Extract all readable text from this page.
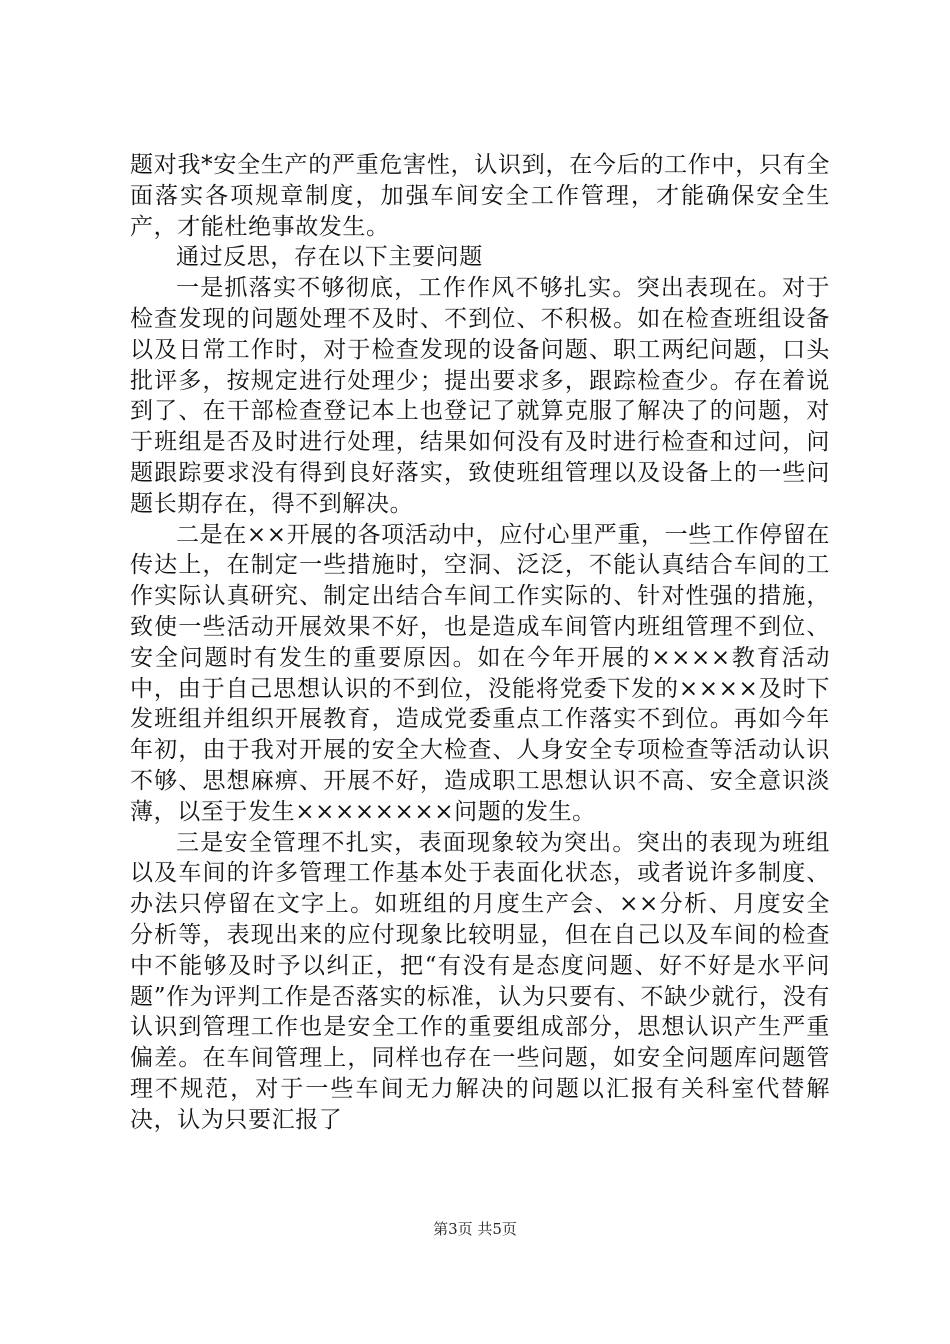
题对我*安全生产的严重危害性，认识到，在今后的工作中，只有全面落实各项规章制度，加强车间安全工作管理，才能确保安全生产，才能杜绝事故发生。

通过反思，存在以下主要问题

一是抓落实不够彻底，工作作风不够扎实。突出表现在。对于检查发现的问题处理不及时、不到位、不积极。如在检查班组设备以及日常工作时，对于检查发现的设备问题、职工两纪问题，口头批评多，按规定进行处理少；提出要求多，跟踪检查少。存在着说到了、在干部检查登记本上也登记了就算克服了解决了的问题，对于班组是否及时进行处理，结果如何没有及时进行检查和过问，问题跟踪要求没有得到良好落实，致使班组管理以及设备上的一些问题长期存在，得不到解决。

二是在××开展的各项活动中，应付心里严重，一些工作停留在传达上，在制定一些措施时，空洞、泛泛，不能认真结合车间的工作实际认真研究、制定出结合车间工作实际的、针对性强的措施，致使一些活动开展效果不好，也是造成车间管内班组管理不到位、安全问题时有发生的重要原因。如在今年开展的××××教育活动中，由于自己思想认识的不到位，没能将党委下发的××××及时下发班组并组织开展教育，造成党委重点工作落实不到位。再如今年年初，由于我对开展的安全大检查、人身安全专项检查等活动认识不够、思想麻痹、开展不好，造成职工思想认识不高、安全意识淡薄，以至于发生××××××××问题的发生。

三是安全管理不扎实，表面现象较为突出。突出的表现为班组以及车间的许多管理工作基本处于表面化状态，或者说许多制度、办法只停留在文字上。如班组的月度生产会、××分析、月度安全分析等，表现出来的应付现象比较明显，但在自己以及车间的检查中不能够及时予以纠正，把“有没有是态度问题、好不好是水平问题”作为评判工作是否落实的标准，认为只要有、不缺少就行，没有认识到管理工作也是安全工作的重要组成部分，思想认识产生严重偏差。在车间管理上，同样也存在一些问题，如安全问题库问题管理不规范，对于一些车间无力解决的问题以汇报有关科室代替解决，认为只要汇报了

第3页 共5页
